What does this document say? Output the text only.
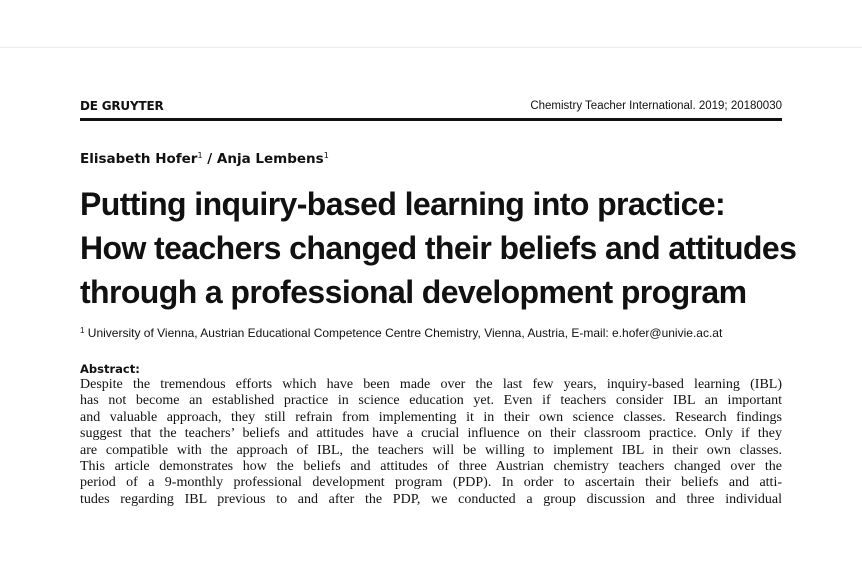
DE GRUYTER	Chemistry Teacher International. 2019; 20180030
Elisabeth Hofer$^1$ / Anja Lembens$^1$
Putting inquiry-based learning into practice:
How teachers changed their beliefs and attitudes
through a professional development program
$^1$ University of Vienna, Austrian Educational Competence Centre Chemistry, Vienna, Austria, E-mail: e.hofer@univie.ac.at
Abstract:
Despite the tremendous efforts which have been made over the last few years, inquiry-based learning (IBL)
has not become an established practice in science education yet. Even if teachers consider IBL an important
and valuable approach, they still refrain from implementing it in their own science classes. Research findings
suggest that the teachers’ beliefs and attitudes have a crucial influence on their classroom practice. Only if they
are compatible with the approach of IBL, the teachers will be willing to implement IBL in their own classes.
This article demonstrates how the beliefs and attitudes of three Austrian chemistry teachers changed over the
period of a 9-monthly professional development program (PDP). In order to ascertain their beliefs and atti-
tudes regarding IBL previous to and after the PDP, we conducted a group discussion and three individual
